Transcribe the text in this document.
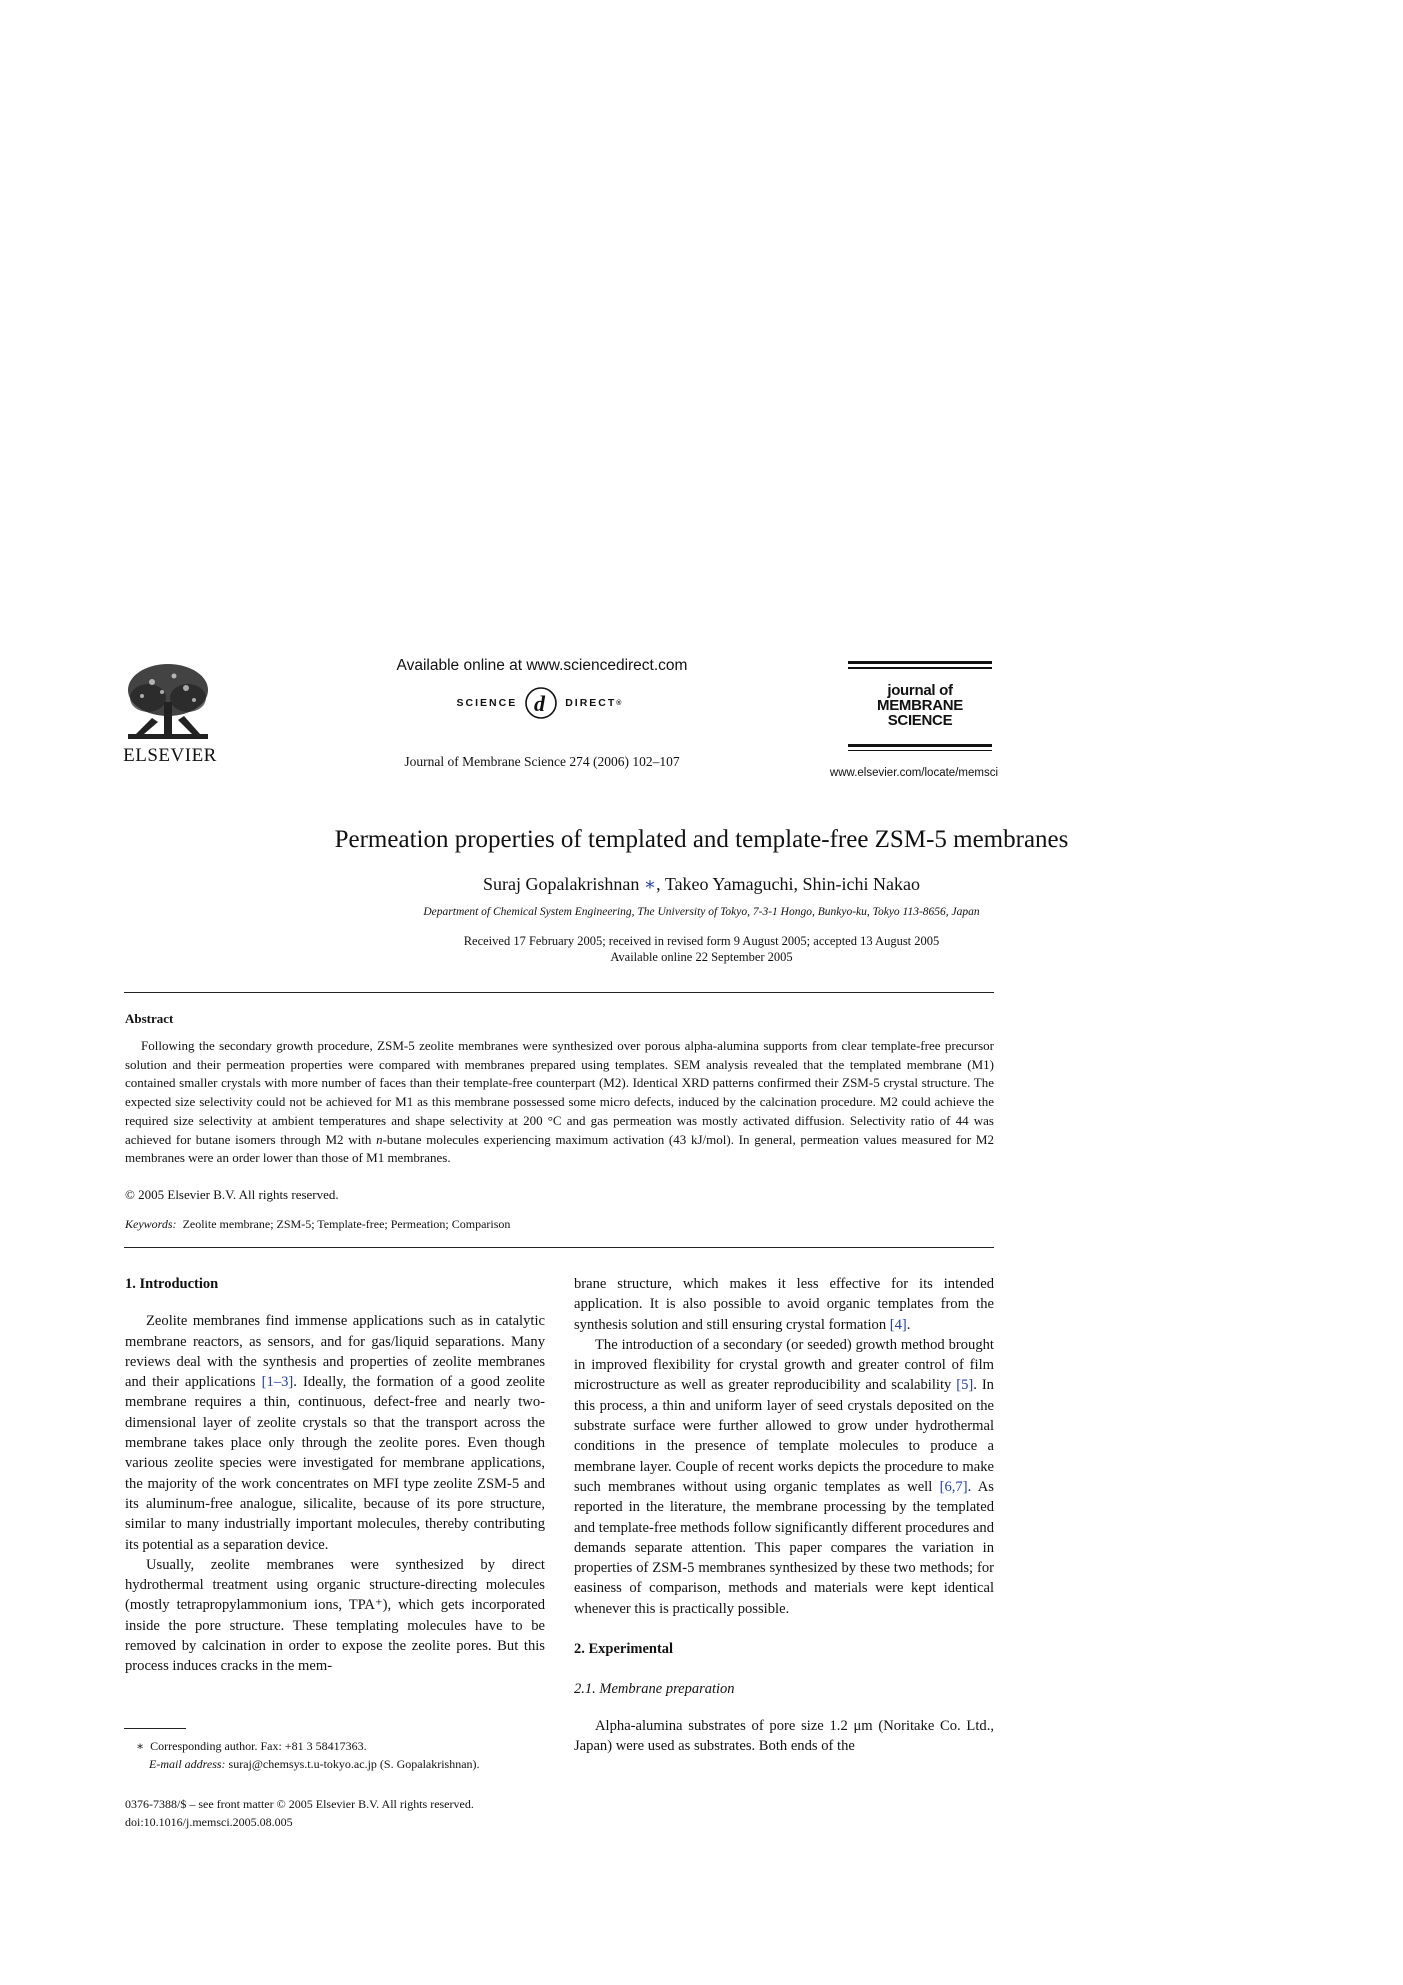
ELSEVIER
Available online at www.sciencedirect.com
SCIENCE d DIRECT ®
Journal of Membrane Science 274 (2006) 102–107
journal of
MEMBRANE
SCIENCE
www.elsevier.com/locate/memsci
Permeation properties of templated and template-free ZSM-5 membranes
Suraj Gopalakrishnan ∗, Takeo Yamaguchi, Shin-ichi Nakao
Department of Chemical System Engineering, The University of Tokyo, 7-3-1 Hongo, Bunkyo-ku, Tokyo 113-8656, Japan
Received 17 February 2005; received in revised form 9 August 2005; accepted 13 August 2005
Available online 22 September 2005
Abstract

Following the secondary growth procedure, ZSM-5 zeolite membranes were synthesized over porous alpha-alumina supports from clear template-free precursor solution and their permeation properties were compared with membranes prepared using templates. SEM analysis revealed that the templated membrane (M1) contained smaller crystals with more number of faces than their template-free counterpart (M2). Identical XRD patterns confirmed their ZSM-5 crystal structure. The expected size selectivity could not be achieved for M1 as this membrane possessed some micro defects, induced by the calcination procedure. M2 could achieve the required size selectivity at ambient temperatures and shape selectivity at 200 °C and gas permeation was mostly activated diffusion. Selectivity ratio of 44 was achieved for butane isomers through M2 with n-butane molecules experiencing maximum activation (43 kJ/mol). In general, permeation values measured for M2 membranes were an order lower than those of M1 membranes.

© 2005 Elsevier B.V. All rights reserved.
Keywords: Zeolite membrane; ZSM-5; Template-free; Permeation; Comparison
1. Introduction

Zeolite membranes find immense applications such as in catalytic membrane reactors, as sensors, and for gas/liquid separations. Many reviews deal with the synthesis and properties of zeolite membranes and their applications [1–3]. Ideally, the formation of a good zeolite membrane requires a thin, continuous, defect-free and nearly two-dimensional layer of zeolite crystals so that the transport across the membrane takes place only through the zeolite pores. Even though various zeolite species were investigated for membrane applications, the majority of the work concentrates on MFI type zeolite ZSM-5 and its aluminum-free analogue, silicalite, because of its pore structure, similar to many industrially important molecules, thereby contributing its potential as a separation device.

Usually, zeolite membranes were synthesized by direct hydrothermal treatment using organic structure-directing molecules (mostly tetrapropylammonium ions, TPA⁺), which gets incorporated inside the pore structure. These templating molecules have to be removed by calcination in order to expose the zeolite pores. But this process induces cracks in the mem-

brane structure, which makes it less effective for its intended application. It is also possible to avoid organic templates from the synthesis solution and still ensuring crystal formation [4].

The introduction of a secondary (or seeded) growth method brought in improved flexibility for crystal growth and greater control of film microstructure as well as greater reproducibility and scalability [5]. In this process, a thin and uniform layer of seed crystals deposited on the substrate surface were further allowed to grow under hydrothermal conditions in the presence of template molecules to produce a membrane layer. Couple of recent works depicts the procedure to make such membranes without using organic templates as well [6,7]. As reported in the literature, the membrane processing by the templated and template-free methods follow significantly different procedures and demands separate attention. This paper compares the variation in properties of ZSM-5 membranes synthesized by these two methods; for easiness of comparison, methods and materials were kept identical whenever this is practically possible.

2. Experimental
2.1. Membrane preparation

Alpha-alumina substrates of pore size 1.2 μm (Noritake Co. Ltd., Japan) were used as substrates. Both ends of the

∗ Corresponding author. Fax: +81 3 58417363.
E-mail address: suraj@chemsys.t.u-tokyo.ac.jp (S. Gopalakrishnan).
0376-7388/$ – see front matter © 2005 Elsevier B.V. All rights reserved.
doi:10.1016/j.memsci.2005.08.005
